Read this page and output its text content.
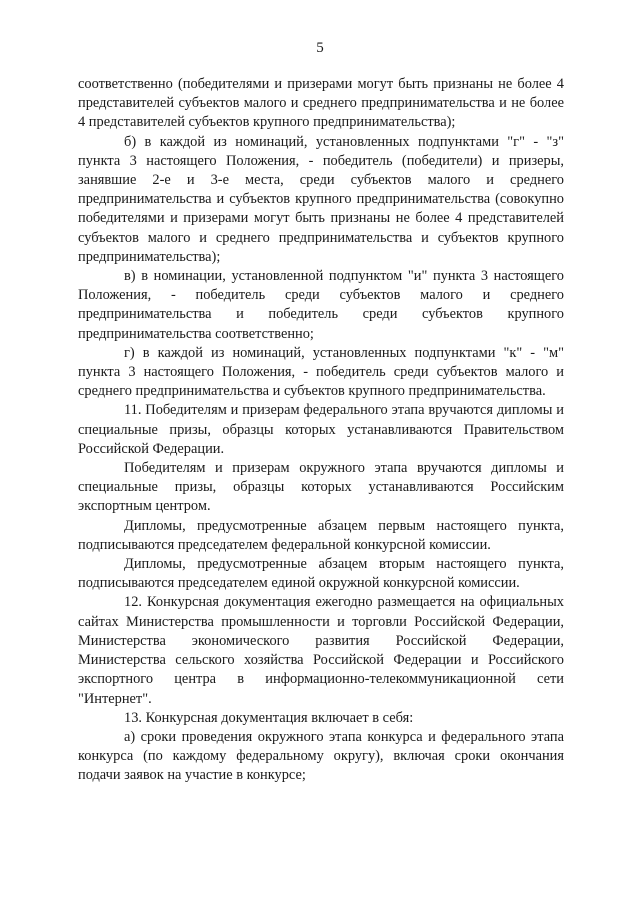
5

соответственно (победителями и призерами могут быть признаны не более 4 представителей субъектов малого и среднего предпринимательства и не более 4 представителей субъектов крупного предпринимательства);

б) в каждой из номинаций, установленных подпунктами "г" - "з" пункта 3 настоящего Положения, - победитель (победители) и призеры, занявшие 2-е и 3-е места, среди субъектов малого и среднего предпринимательства и субъектов крупного предпринимательства (совокупно победителями и призерами могут быть признаны не более 4 представителей субъектов малого и среднего предпринимательства и субъектов крупного предпринимательства);

в) в номинации, установленной подпунктом "и" пункта 3 настоящего Положения, - победитель среди субъектов малого и среднего предпринимательства и победитель среди субъектов крупного предпринимательства соответственно;

г) в каждой из номинаций, установленных подпунктами "к" - "м" пункта 3 настоящего Положения, - победитель среди субъектов малого и среднего предпринимательства и субъектов крупного предпринимательства.

11. Победителям и призерам федерального этапа вручаются дипломы и специальные призы, образцы которых устанавливаются Правительством Российской Федерации.

Победителям и призерам окружного этапа вручаются дипломы и специальные призы, образцы которых устанавливаются Российским экспортным центром.

Дипломы, предусмотренные абзацем первым настоящего пункта, подписываются председателем федеральной конкурсной комиссии.

Дипломы, предусмотренные абзацем вторым настоящего пункта, подписываются председателем единой окружной конкурсной комиссии.

12. Конкурсная документация ежегодно размещается на официальных сайтах Министерства промышленности и торговли Российской Федерации, Министерства экономического развития Российской Федерации, Министерства сельского хозяйства Российской Федерации и Российского экспортного центра в информационно-телекоммуникационной сети "Интернет".

13. Конкурсная документация включает в себя:

а) сроки проведения окружного этапа конкурса и федерального этапа конкурса (по каждому федеральному округу), включая сроки окончания подачи заявок на участие в конкурсе;
